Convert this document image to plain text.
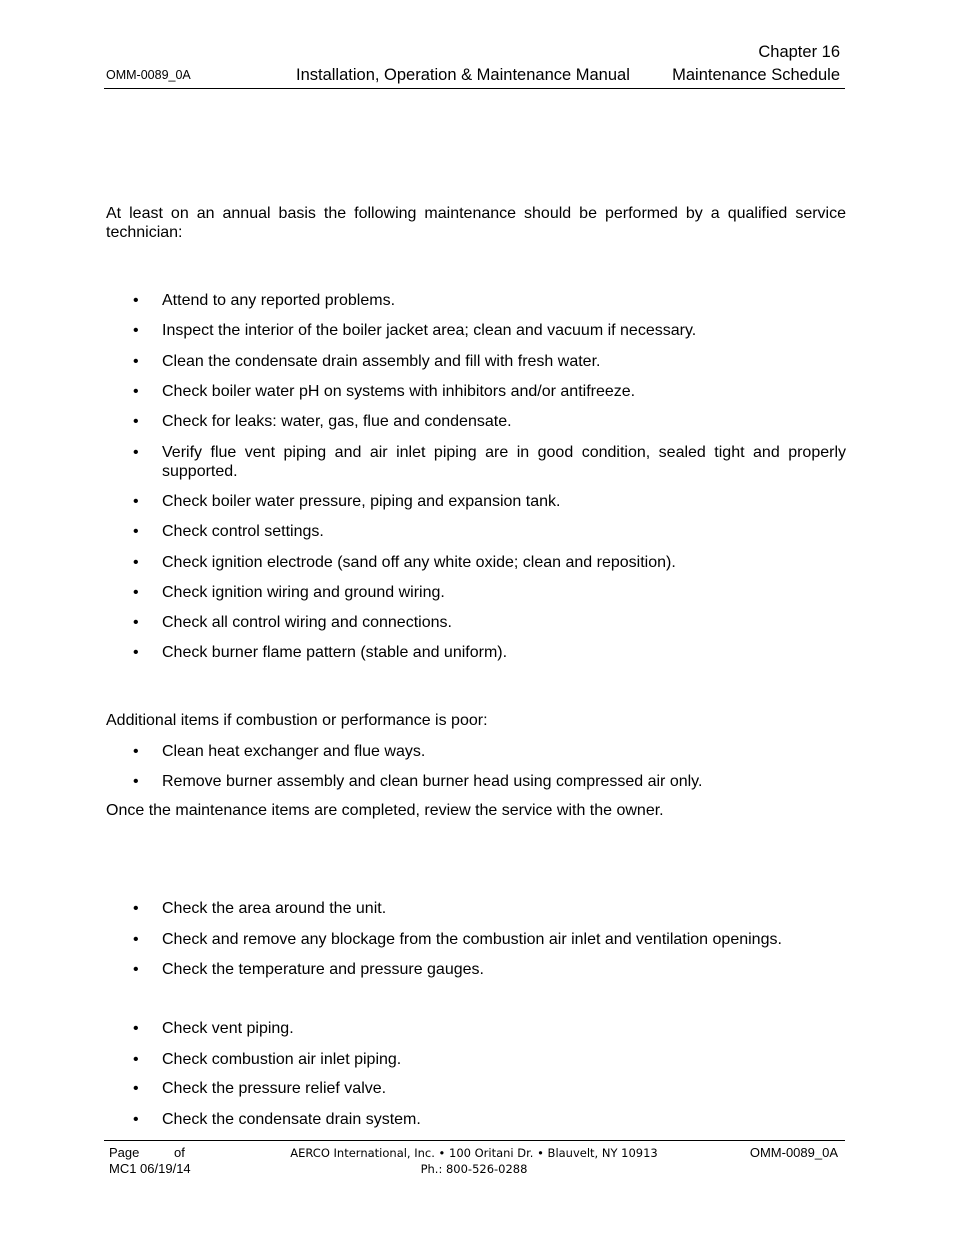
Chapter 16
OMM-0089_0A	Installation, Operation & Maintenance Manual	Maintenance Schedule
At least on an annual basis the following maintenance should be performed by a qualified service technician:
• Attend to any reported problems.
• Inspect the interior of the boiler jacket area; clean and vacuum if necessary.
• Clean the condensate drain assembly and fill with fresh water.
• Check boiler water pH on systems with inhibitors and/or antifreeze.
• Check for leaks: water, gas, flue and condensate.
• Verify flue vent piping and air inlet piping are in good condition, sealed tight and properly supported.
• Check boiler water pressure, piping and expansion tank.
• Check control settings.
• Check ignition electrode (sand off any white oxide; clean and reposition).
• Check ignition wiring and ground wiring.
• Check all control wiring and connections.
• Check burner flame pattern (stable and uniform).
Additional items if combustion or performance is poor:
• Clean heat exchanger and flue ways.
• Remove burner assembly and clean burner head using compressed air only.
Once the maintenance items are completed, review the service with the owner.
• Check the area around the unit.
• Check and remove any blockage from the combustion air inlet and ventilation openings.
• Check the temperature and pressure gauges.
• Check vent piping.
• Check combustion air inlet piping.
• Check the pressure relief valve.
• Check the condensate drain system.
Page	of
MC1 06/19/14
AERCO International, Inc. • 100 Oritani Dr. • Blauvelt, NY 10913
Ph.: 800-526-0288
OMM-0089_0A
